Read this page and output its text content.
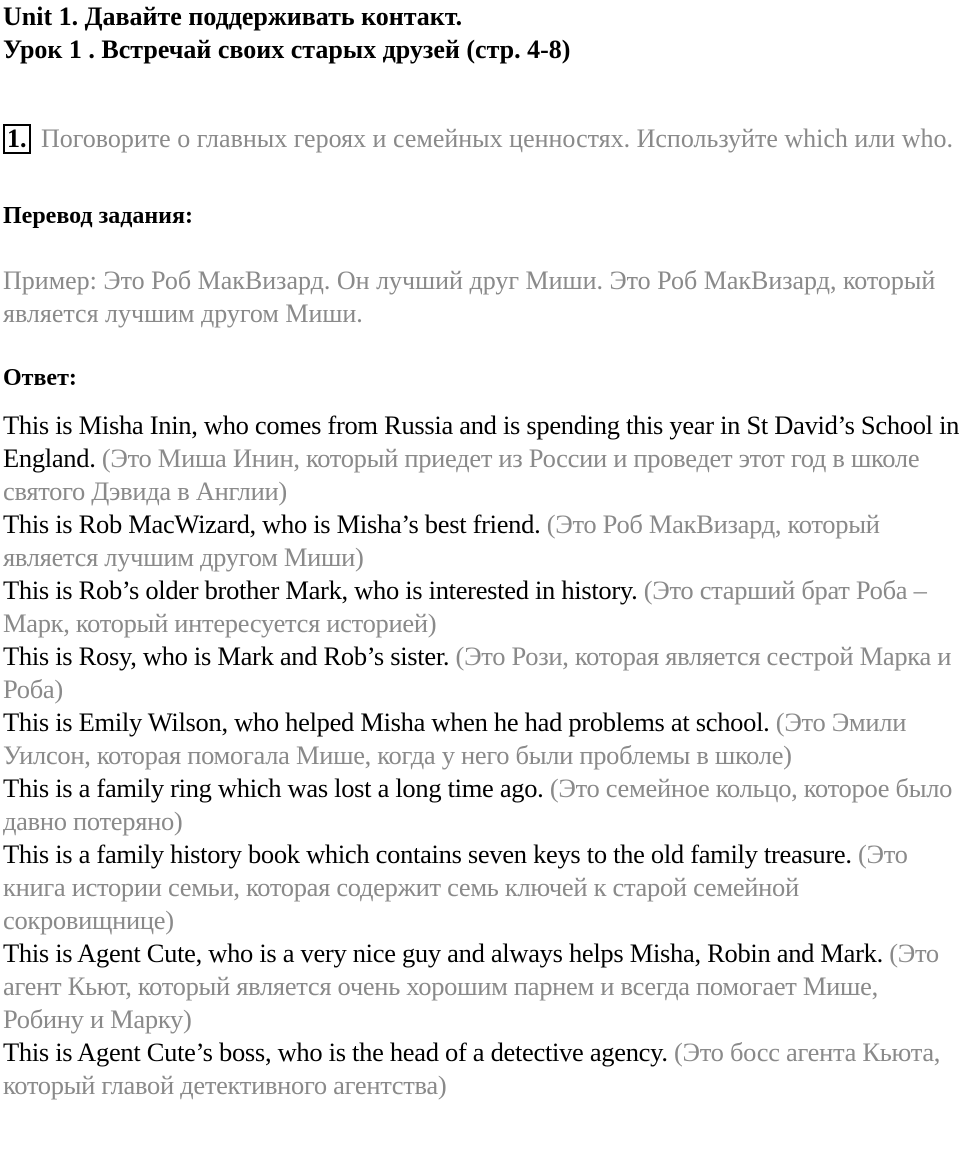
Unit 1. Давайте поддерживать контакт.
Урок 1 . Встречай своих старых друзей (стр. 4-8)
1. Поговорите о главных героях и семейных ценностях. Используйте which или who.
Перевод задания:
Пример: Это Роб МакВизард. Он лучший друг Миши. Это Роб МакВизард, который является лучшим другом Миши.
Ответ:

This is Misha Inin, who comes from Russia and is spending this year in St David’s School in England. (Это Миша Инин, который приедет из России и проведет этот год в школе святого Дэвида в Англии)

This is Rob MacWizard, who is Misha’s best friend. (Это Роб МакВизард, который является лучшим другом Миши)

This is Rob’s older brother Mark, who is interested in history. (Это старший брат Роба – Марк, который интересуется историей)

This is Rosy, who is Mark and Rob’s sister. (Это Рози, которая является сестрой Марка и Роба)

This is Emily Wilson, who helped Misha when he had problems at school. (Это Эмили Уилсон, которая помогала Мише, когда у него были проблемы в школе)

This is a family ring which was lost a long time ago. (Это семейное кольцо, которое было давно потеряно)

This is a family history book which contains seven keys to the old family treasure. (Это книга истории семьи, которая содержит семь ключей к старой семейной сокровищнице)

This is Agent Cute, who is a very nice guy and always helps Misha, Robin and Mark. (Это агент Кьют, который является очень хорошим парнем и всегда помогает Мише, Робину и Марку)

This is Agent Cute’s boss, who is the head of a detective agency. (Это босс агента Кьюта, который главой детективного агентства)
